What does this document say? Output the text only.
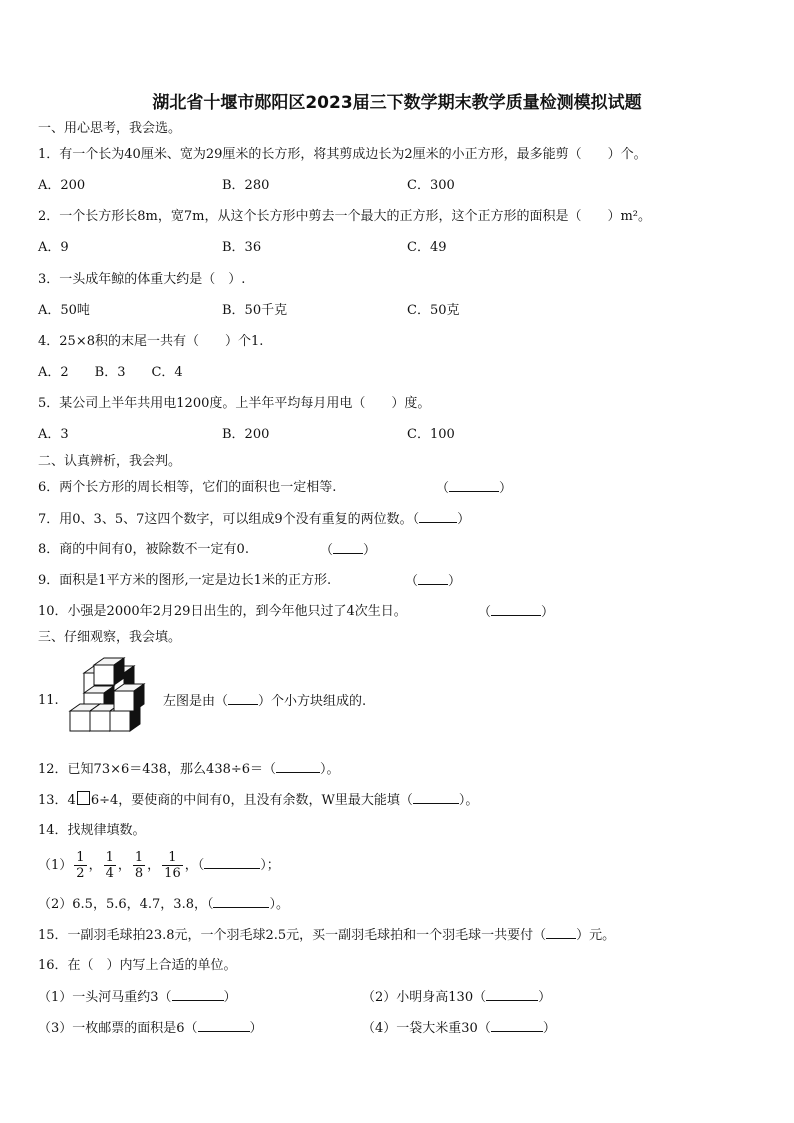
湖北省十堰市郧阳区2023届三下数学期末教学质量检测模拟试题
一、用心思考，我会选。
1．有一个长为40厘米、宽为29厘米的长方形，将其剪成边长为2厘米的小正方形，最多能剪（　　）个。
A．200	B．280	C．300
2．一个长方形长8m，宽7m，从这个长方形中剪去一个最大的正方形，这个正方形的面积是（　　）m²。
A．9	B．36	C．49
3．一头成年鲸的体重大约是（　）.
A．50吨	B．50千克	C．50克
4．25×8积的末尾一共有（　　）个1.
A．2　　B．3　　C．4
5．某公司上半年共用电1200度。上半年平均每月用电（　　）度。
A．3	B．200	C．100
二、认真辨析，我会判。
6．两个长方形的周长相等，它们的面积也一定相等.	（	）
7．用0、3、5、7这四个数字，可以组成9个没有重复的两位数。（	）
8．商的中间有0，被除数不一定有0.	（ ）
9．面积是1平方米的图形,一定是边长1米的正方形.	（ ）
10．小强是2000年2月29日出生的，到今年他只过了4次生日。	（	）
三、仔细观察，我会填。
11.	左图是由（ ）个小方块组成的.
12．已知73×6＝438，那么438÷6＝（	）。
13．4 6÷4，要使商的中间有0，且没有余数，W里最大能填（	）。
14．找规律填数。
$(1) \frac{1}{2}$ ， $\frac{1}{4}$ ， $\frac{1}{8}$ ， $\frac{1}{16}$ ，（	）；
（2）6.5，5.6，4.7，3.8，（	）。
15．一副羽毛球拍23.8元，一个羽毛球2.5元，买一副羽毛球拍和一个羽毛球一共要付（ ）元。
16．在（　）内写上合适的单位。
（1）一头河马重约3（	）	（2）小明身高130（	）
（3）一枚邮票的面积是6（	）	（4）一袋大米重30（	）
